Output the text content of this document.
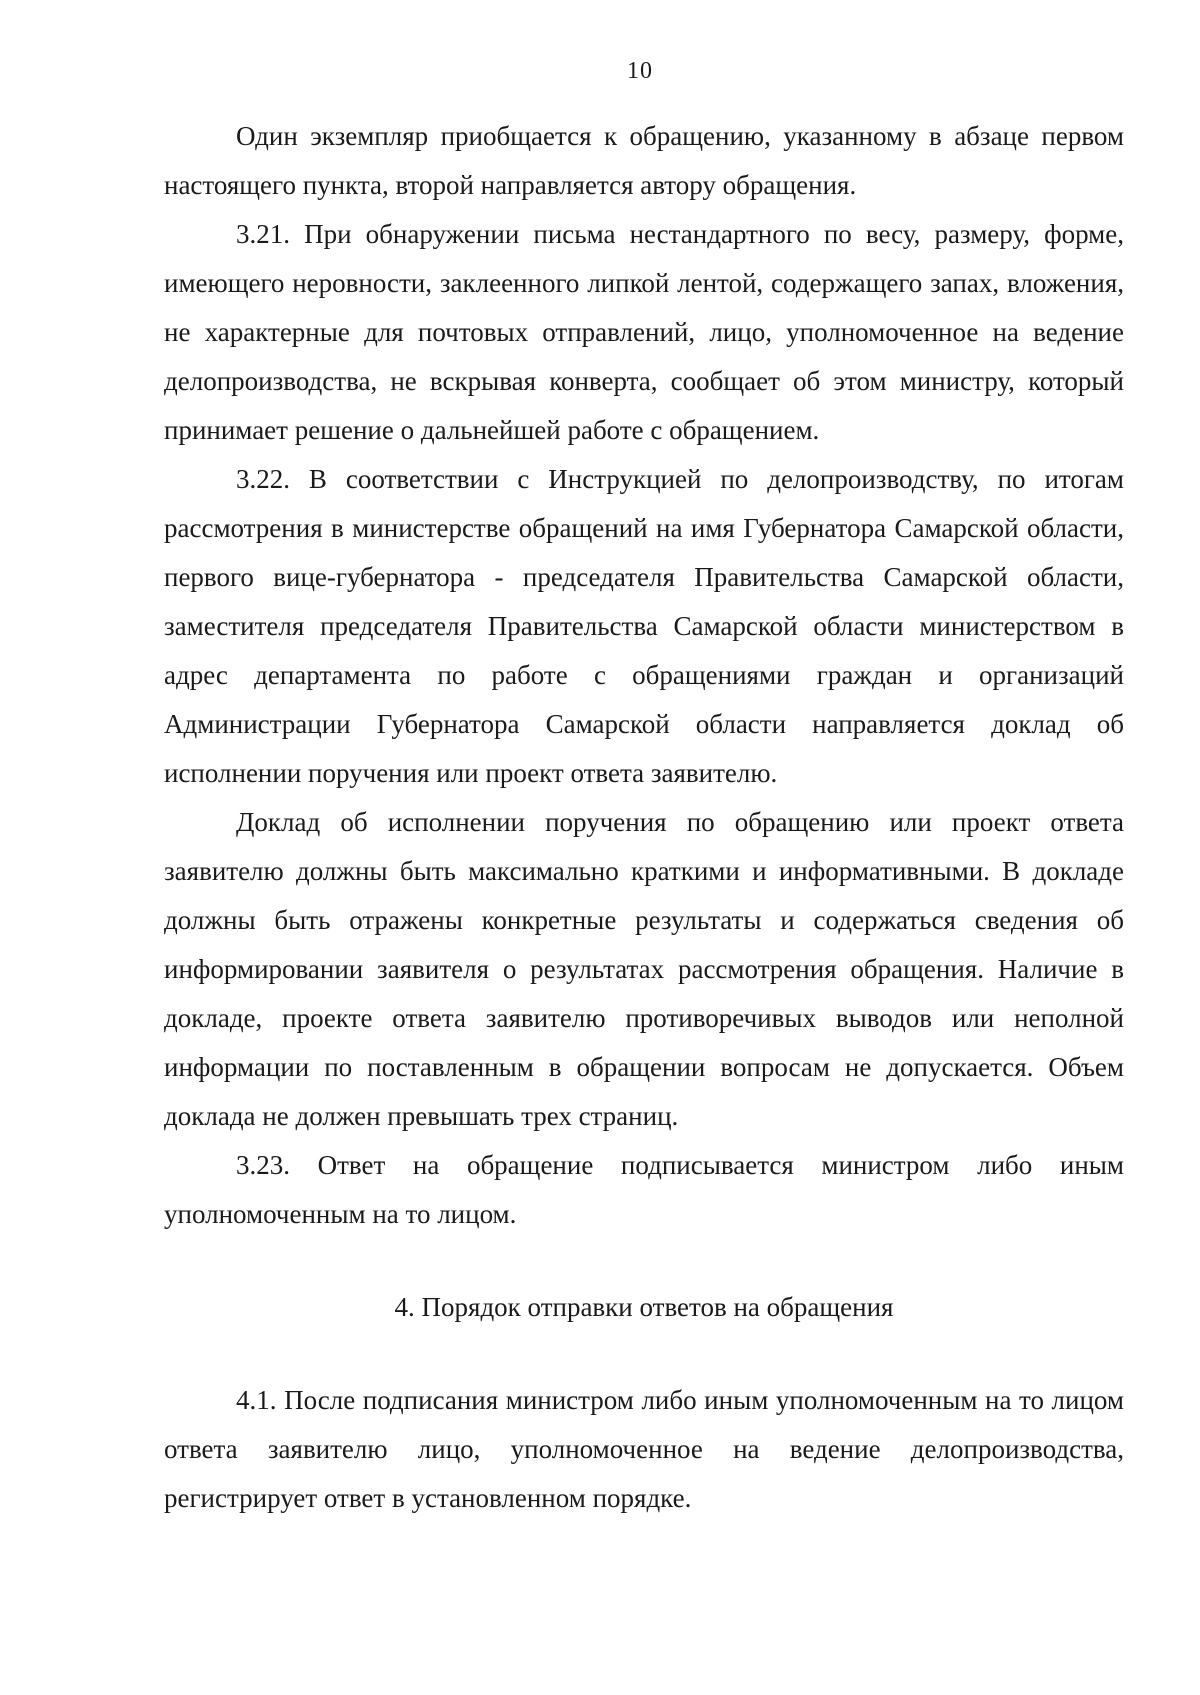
10

Один экземпляр приобщается к обращению, указанному в абзаце первом настоящего пункта, второй направляется автору обращения.

3.21. При обнаружении письма нестандартного по весу, размеру, форме, имеющего неровности, заклеенного липкой лентой, содержащего запах, вложения, не характерные для почтовых отправлений, лицо, уполномоченное на ведение делопроизводства, не вскрывая конверта, сообщает об этом министру, который принимает решение о дальнейшей работе с обращением.

3.22. В соответствии с Инструкцией по делопроизводству, по итогам рассмотрения в министерстве обращений на имя Губернатора Самарской области, первого вице-губернатора - председателя Правительства Самарской области, заместителя председателя Правительства Самарской области министерством в адрес департамента по работе с обращениями граждан и организаций Администрации Губернатора Самарской области направляется доклад об исполнении поручения или проект ответа заявителю.

Доклад об исполнении поручения по обращению или проект ответа заявителю должны быть максимально краткими и информативными. В докладе должны быть отражены конкретные результаты и содержаться сведения об информировании заявителя о результатах рассмотрения обращения. Наличие в докладе, проекте ответа заявителю противоречивых выводов или неполной информации по поставленным в обращении вопросам не допускается. Объем доклада не должен превышать трех страниц.

3.23. Ответ на обращение подписывается министром либо иным уполномоченным на то лицом.

4. Порядок отправки ответов на обращения

4.1. После подписания министром либо иным уполномоченным на то лицом ответа заявителю лицо, уполномоченное на ведение делопроизводства, регистрирует ответ в установленном порядке.
